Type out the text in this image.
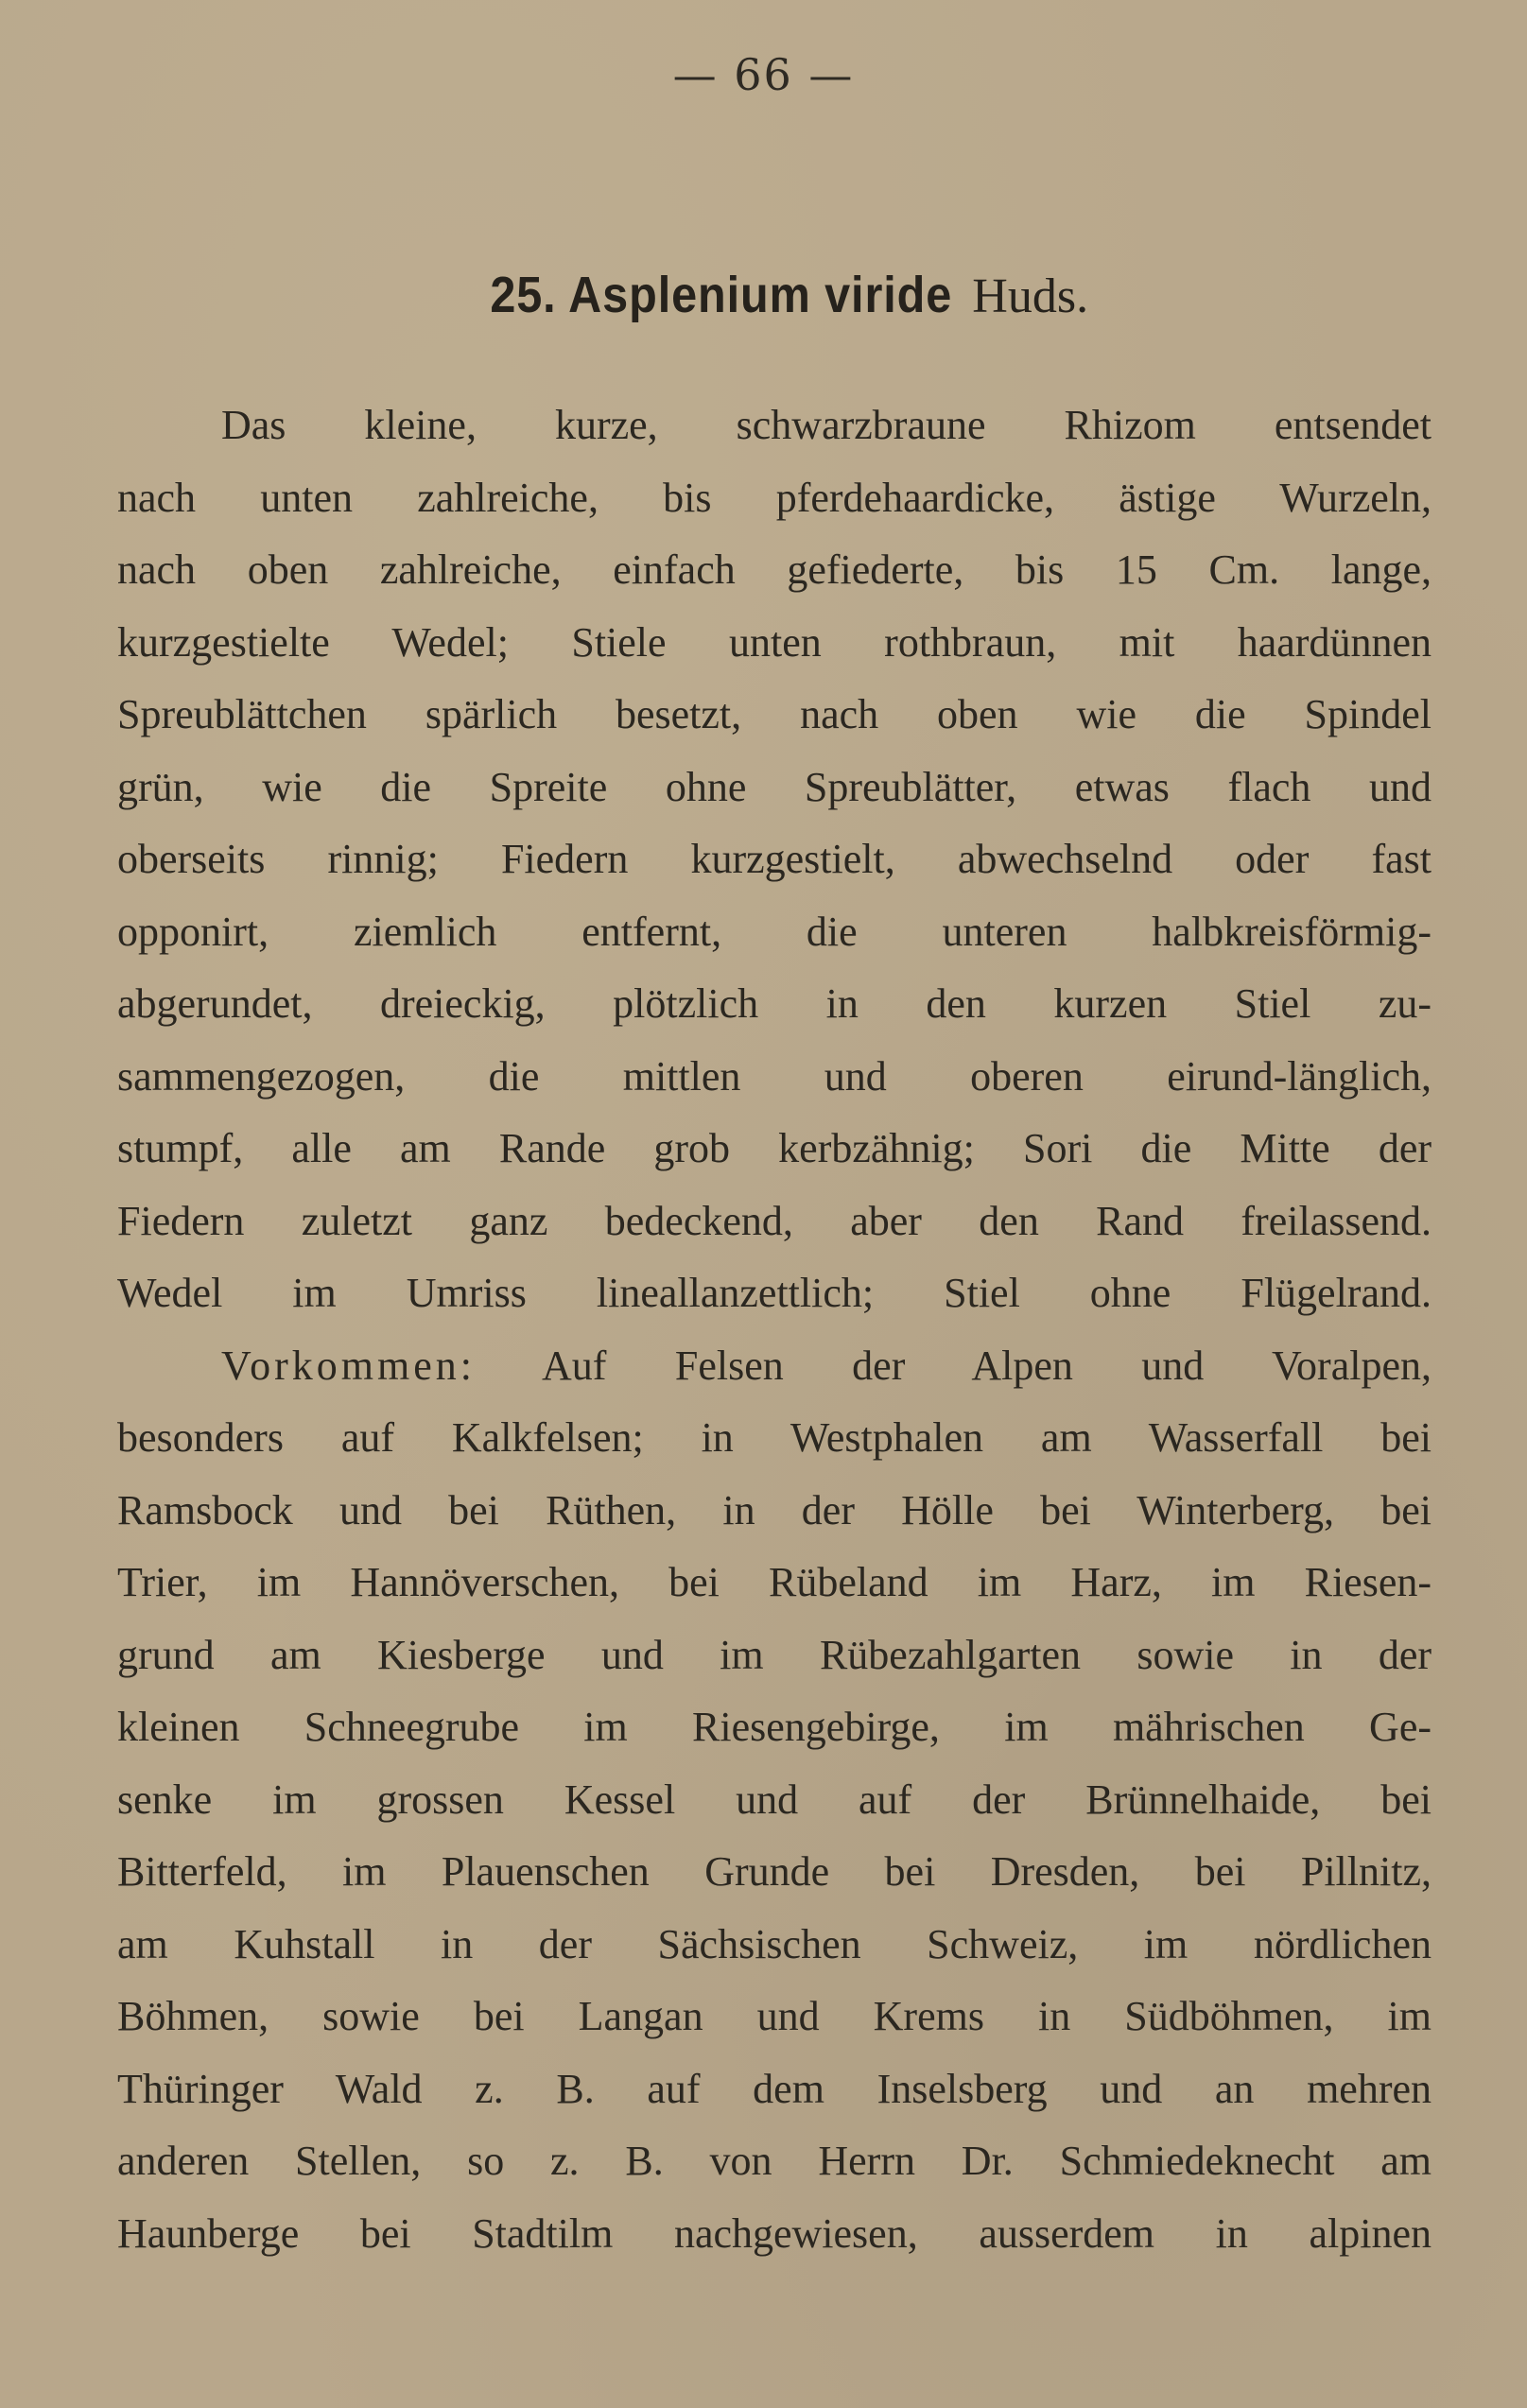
— 66 —
25. Asplenium viride Huds.
Das kleine, kurze, schwarzbraune Rhizom entsendet
nach unten zahlreiche, bis pferdehaardicke, ästige Wurzeln,
nach oben zahlreiche, einfach gefiederte, bis 15 Cm. lange,
kurzgestielte Wedel; Stiele unten rothbraun, mit haardünnen
Spreublättchen spärlich besetzt, nach oben wie die Spindel
grün, wie die Spreite ohne Spreublätter, etwas flach und
oberseits rinnig; Fiedern kurzgestielt, abwechselnd oder fast
opponirt, ziemlich entfernt, die unteren halbkreisförmig-
abgerundet, dreieckig, plötzlich in den kurzen Stiel zu-
sammengezogen, die mittlen und oberen eirund-länglich,
stumpf, alle am Rande grob kerbzähnig; Sori die Mitte der
Fiedern zuletzt ganz bedeckend, aber den Rand freilassend.
Wedel im Umriss lineallanzettlich; Stiel ohne Flügelrand.
Vorkommen: Auf Felsen der Alpen und Voralpen,
besonders auf Kalkfelsen; in Westphalen am Wasserfall bei
Ramsbock und bei Rüthen, in der Hölle bei Winterberg, bei
Trier, im Hannöverschen, bei Rübeland im Harz, im Riesen-
grund am Kiesberge und im Rübezahlgarten sowie in der
kleinen Schneegrube im Riesengebirge, im mährischen Ge-
senke im grossen Kessel und auf der Brünnelhaide, bei
Bitterfeld, im Plauenschen Grunde bei Dresden, bei Pillnitz,
am Kuhstall in der Sächsischen Schweiz, im nördlichen
Böhmen, sowie bei Langan und Krems in Südböhmen, im
Thüringer Wald z. B. auf dem Inselsberg und an mehren
anderen Stellen, so z. B. von Herrn Dr. Schmiedeknecht am
Haunberge bei Stadtilm nachgewiesen, ausserdem in alpinen
